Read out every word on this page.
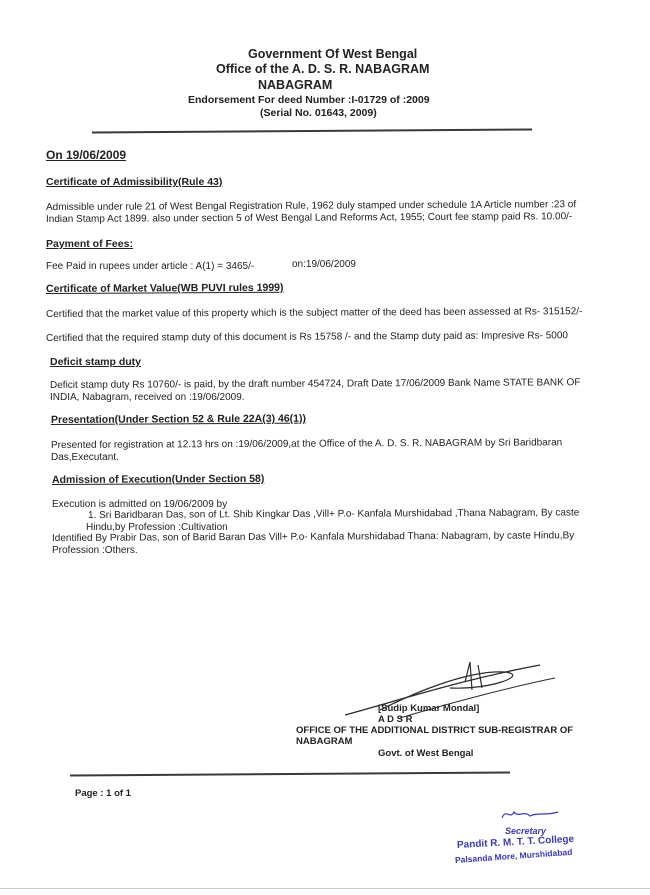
Government Of West Bengal
Office of the A. D. S. R. NABAGRAM
NABAGRAM
Endorsement For deed Number :I-01729 of :2009
(Serial No. 01643, 2009)
On 19/06/2009
Certificate of Admissibility(Rule 43)
Admissible under rule 21 of West Bengal Registration Rule, 1962 duly stamped under schedule 1A Article number :23 of
Indian Stamp Act 1899. also under section 5 of West Bengal Land Reforms Act, 1955; Court fee stamp paid Rs. 10.00/-
Payment of Fees:
Fee Paid in rupees under article : A(1) = 3465/-	on:19/06/2009
Certificate of Market Value(WB PUVI rules 1999)
Certified that the market value of this property which is the subject matter of the deed has been assessed at Rs- 315152/-
Certified that the required stamp duty of this document is Rs 15758 /- and the Stamp duty paid as: Impresive Rs- 5000
Deficit stamp duty
Deficit stamp duty Rs 10760/- is paid, by the draft number 454724, Draft Date 17/06/2009 Bank Name STATE BANK OF
INDIA, Nabagram, received on :19/06/2009.
Presentation(Under Section 52 & Rule 22A(3) 46(1))
Presented for registration at 12.13 hrs on :19/06/2009,at the Office of the A. D. S. R. NABAGRAM by Sri Baridbaran
Das,Executant.
Admission of Execution(Under Section 58)
Execution is admitted on 19/06/2009 by
1. Sri Baridbaran Das, son of Lt. Shib Kingkar Das ,Vill+ P.o- Kanfala Murshidabad ,Thana Nabagram, By caste
Hindu,by Profession :Cultivation
Identified By Prabir Das, son of Barid Baran Das Vill+ P.o- Kanfala Murshidabad Thana: Nabagram, by caste Hindu,By
Profession :Others.
[Sudip Kumar Mondal]
A D S R
OFFICE OF THE ADDITIONAL DISTRICT SUB-REGISTRAR OF
NABAGRAM
Govt. of West Bengal
Page : 1 of 1
Secretary
Pandit R. M. T. T. College
Palsanda More, Murshidabad
